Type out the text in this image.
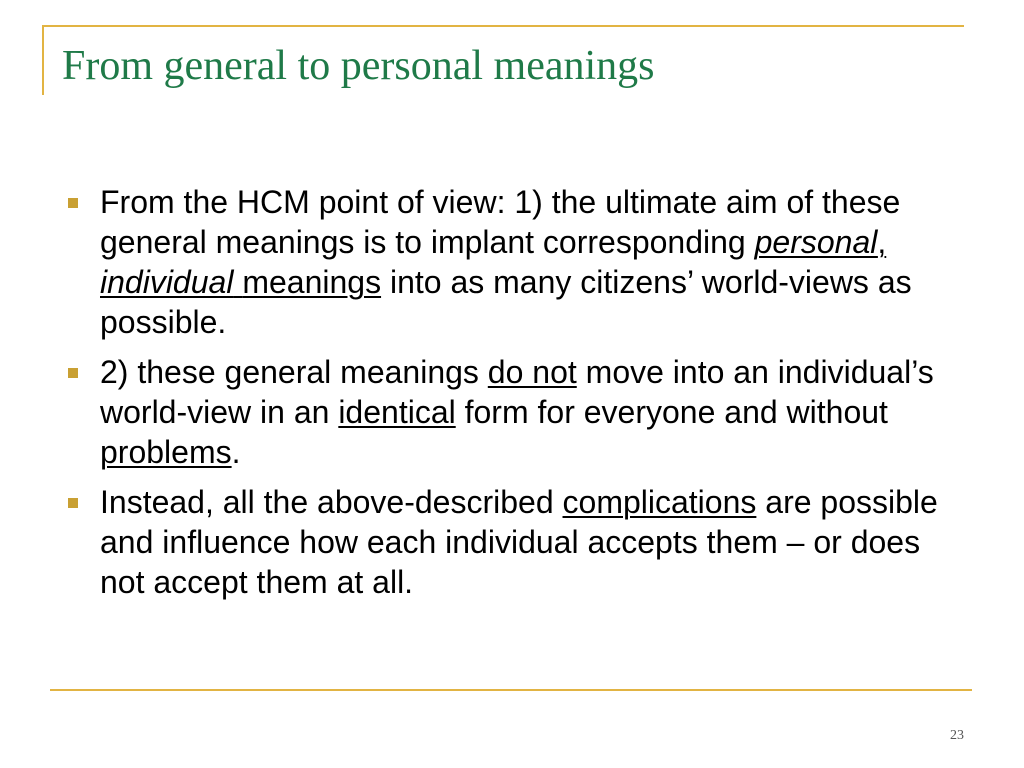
From general to personal meanings
From the HCM point of view: 1) the ultimate aim of these general meanings is to implant corresponding personal, individual meanings into as many citizens’ world-views as possible.
2) these general meanings do not move into an individual’s world-view in an identical form for everyone and without problems.
Instead, all the above-described complications are possible and influence how each individual accepts them – or does not accept them at all.
23
